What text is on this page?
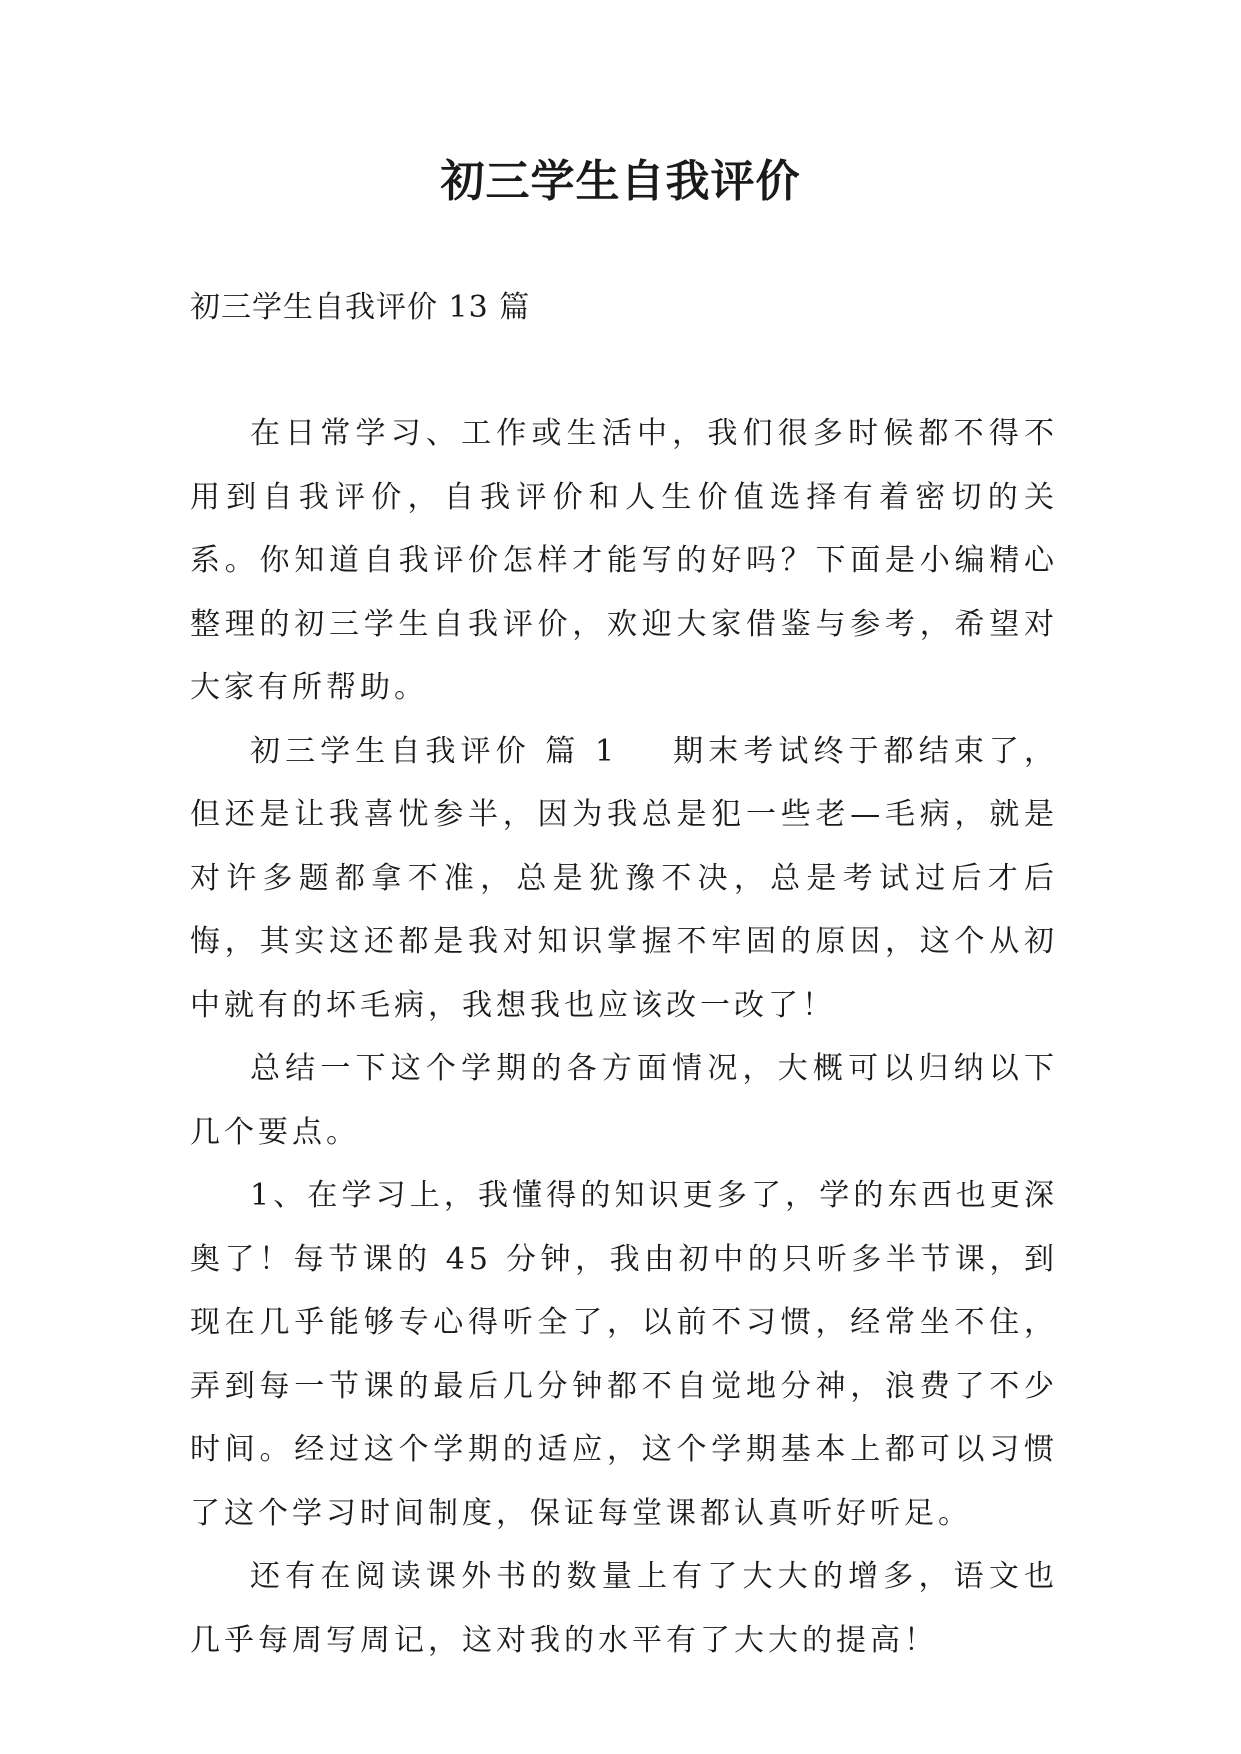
初三学生自我评价

初三学生自我评价 13 篇

在日常学习、工作或生活中，我们很多时候都不得不用到自我评价，自我评价和人生价值选择有着密切的关系。你知道自我评价怎样才能写的好吗？下面是小编精心整理的初三学生自我评价，欢迎大家借鉴与参考，希望对大家有所帮助。

初三学生自我评价 篇 1 期末考试终于都结束了，但还是让我喜忧参半，因为我总是犯一些老—毛病，就是对许多题都拿不准，总是犹豫不决，总是考试过后才后悔，其实这还都是我对知识掌握不牢固的原因，这个从初中就有的坏毛病，我想我也应该改一改了！

总结一下这个学期的各方面情况，大概可以归纳以下几个要点。

1、在学习上，我懂得的知识更多了，学的东西也更深奥了！每节课的 45 分钟，我由初中的只听多半节课，到现在几乎能够专心得听全了，以前不习惯，经常坐不住，弄到每一节课的最后几分钟都不自觉地分神，浪费了不少时间。经过这个学期的适应，这个学期基本上都可以习惯了这个学习时间制度，保证每堂课都认真听好听足。

还有在阅读课外书的数量上有了大大的增多，语文也几乎每周写周记，这对我的水平有了大大的提高！
